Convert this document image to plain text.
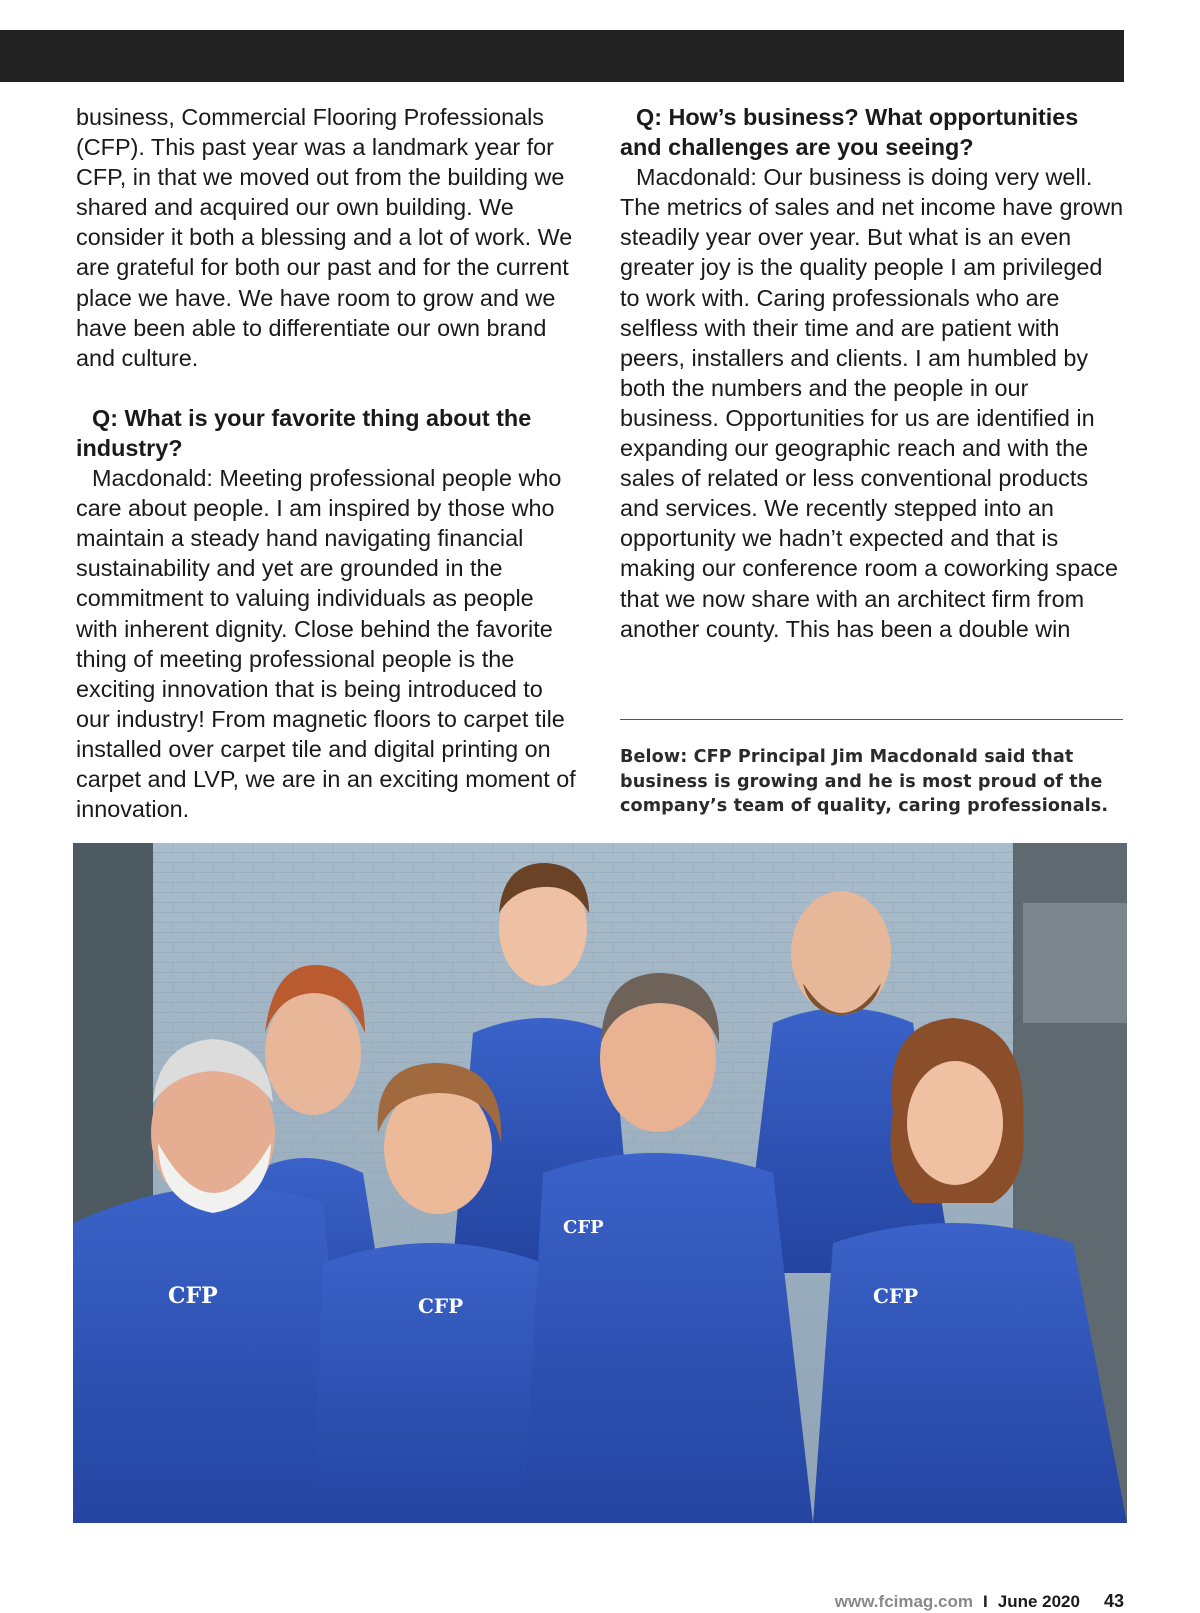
business, Commercial Flooring Professionals (CFP). This past year was a landmark year for CFP, in that we moved out from the building we shared and acquired our own building. We consider it both a blessing and a lot of work. We are grateful for both our past and for the current place we have. We have room to grow and we have been able to differentiate our own brand and culture.

Q: What is your favorite thing about the industry?

Macdonald: Meeting professional people who care about people. I am inspired by those who maintain a steady hand navigating financial sustainability and yet are grounded in the commitment to valuing individuals as people with inherent dignity. Close behind the favorite thing of meeting professional people is the exciting innovation that is being introduced to our industry! From magnetic floors to carpet tile installed over carpet tile and digital printing on carpet and LVP, we are in an exciting moment of innovation.

Q: How’s business? What opportunities and challenges are you seeing?

Macdonald: Our business is doing very well. The metrics of sales and net income have grown steadily year over year. But what is an even greater joy is the quality people I am privileged to work with. Caring professionals who are selfless with their time and are patient with peers, installers and clients. I am humbled by both the numbers and the people in our business. Opportunities for us are identified in expanding our geographic reach and with the sales of related or less conventional products and services. We recently stepped into an opportunity we hadn’t expected and that is making our conference room a coworking space that we now share with an architect firm from another county. This has been a double win

Below: CFP Principal Jim Macdonald said that business is growing and he is most proud of the company’s team of quality, caring professionals.
CFP	CFP
CFP
CFP
www.fcimag.com I June 2020 43
